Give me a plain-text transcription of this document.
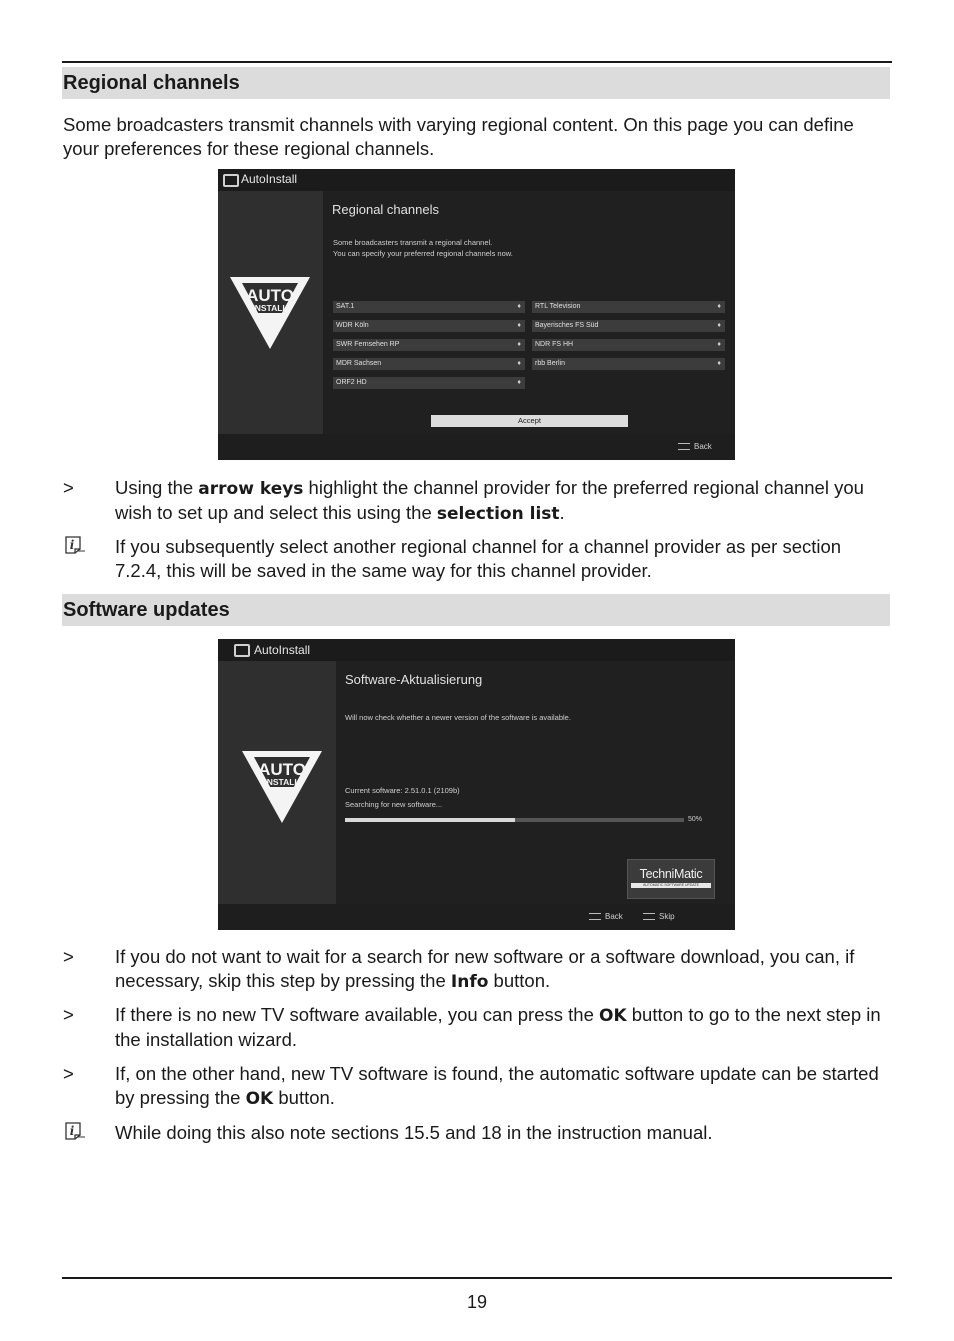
Regional channels

Some broadcasters transmit channels with varying regional content. On this page you can define your preferences for these regional channels.

AutoInstall
AUTO
INSTALL
Regional channels
Some broadcasters transmit a regional channel.
You can specify your preferred regional channels now.
SAT.1	♦
WDR Köln	♦
SWR Fernsehen RP	♦
MDR Sachsen	♦
ORF2 HD	♦
RTL Television	♦
Bayerisches FS Süd	♦
NDR FS HH	♦
rbb Berlin	♦
Accept
Back
>	Using the arrow keys highlight the channel provider for the preferred regional channel you wish to set up and select this using the selection list.
i If you subsequently select another regional channel for a channel provider as per section 7.2.4, this will be saved in the same way for this channel provider.
Software updates
AutoInstall
AUTO
INSTALL
Software-Aktualisierung
Will now check whether a newer version of the software is available.
Current software: 2.51.0.1 (2109b)
Searching for new software...
50%
TechniMatic
AUTOMATIC SOFTWARE UPDATE
Back	Skip
>	If you do not want to wait for a search for new software or a software download, you can, if necessary, skip this step by pressing the Info button.
>	If there is no new TV software available, you can press the OK button to go to the next step in the installation wizard.
>	If, on the other hand, new TV software is found, the automatic software update can be started by pressing the OK button.
i While doing this also note sections 15.5 and 18 in the instruction manual.
19
